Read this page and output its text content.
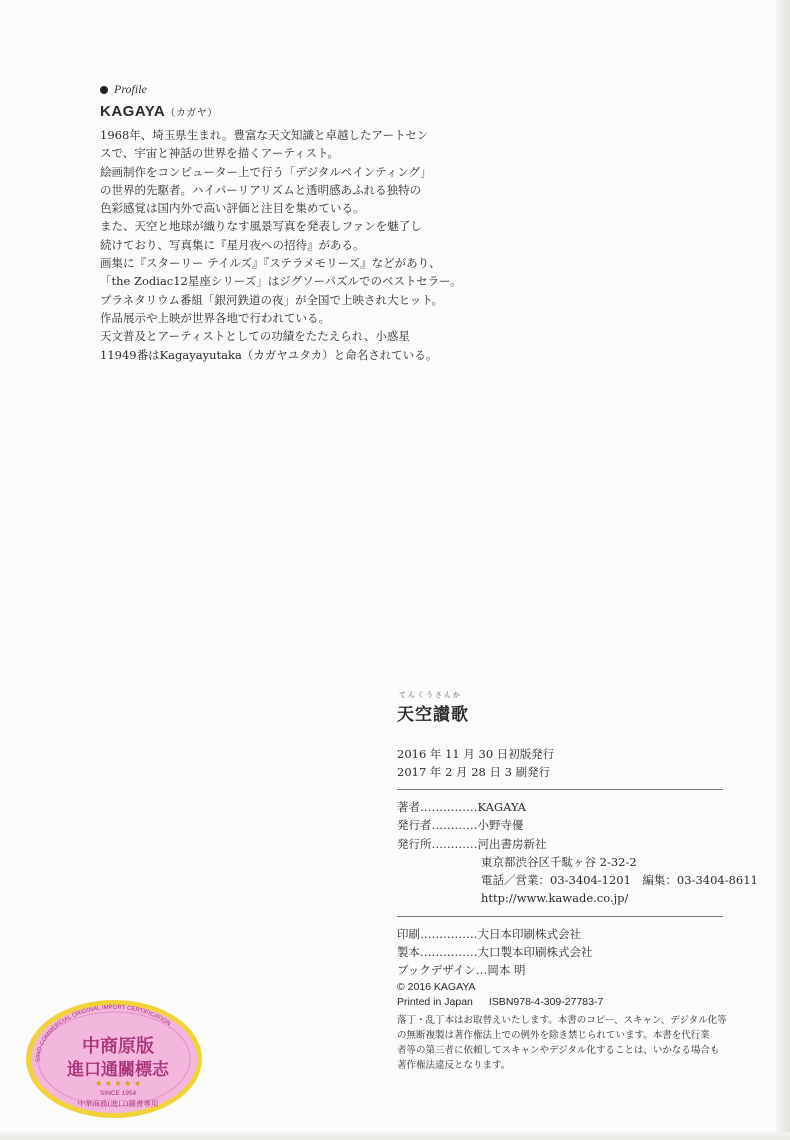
Profile
KAGAYA（カガヤ）
1968年、埼玉県生まれ。豊富な天文知識と卓越したアートセン
スで、宇宙と神話の世界を描くアーティスト。
絵画制作をコンピューター上で行う「デジタルペインティング」
の世界的先駆者。ハイパーリアリズムと透明感あふれる独特の
色彩感覚は国内外で高い評価と注目を集めている。
また、天空と地球が織りなす風景写真を発表しファンを魅了し
続けており、写真集に『星月夜への招待』がある。
画集に『スターリー テイルズ』『ステラメモリーズ』などがあり、
「the Zodiac12星座シリーズ」はジグソーパズルでのベストセラー。
プラネタリウム番組「銀河鉄道の夜」が全国で上映され大ヒット。
作品展示や上映が世界各地で行われている。
天文普及とアーティストとしての功績をたたえられ、小惑星
11949番はKagayayutaka（カガヤユタカ）と命名されている。
てんくうさんか
天空讃歌
2016 年 11 月 30 日初版発行
2017 年 2 月 28 日 3 刷発行
著者……………KAGAYA
発行者…………小野寺優
発行所…………河出書房新社
東京都渋谷区千駄ヶ谷 2-32-2
電話／営業：03-3404-1201　編集：03-3404-8611
http://www.kawade.co.jp/
印刷……………大日本印刷株式会社
製本……………大口製本印刷株式会社
ブックデザイン…岡本 明
© 2016 KAGAYA
Printed in Japan ISBN978-4-309-27783-7
落丁・乱丁本はお取替えいたします。本書のコピー、スキャン、デジタル化等
の無断複製は著作権法上での例外を除き禁じられています。本書を代行業
者等の第三者に依頼してスキャンやデジタル化することは、いかなる場合も
著作権法違反となります。
SINO-COMMERCIAL ORIGINAL IMPORT CERTIFICATION
中商原版
進口通關標志
★ ★ ★ ★ ★
SINCE 1954
中華商務(進口)圖書專用
